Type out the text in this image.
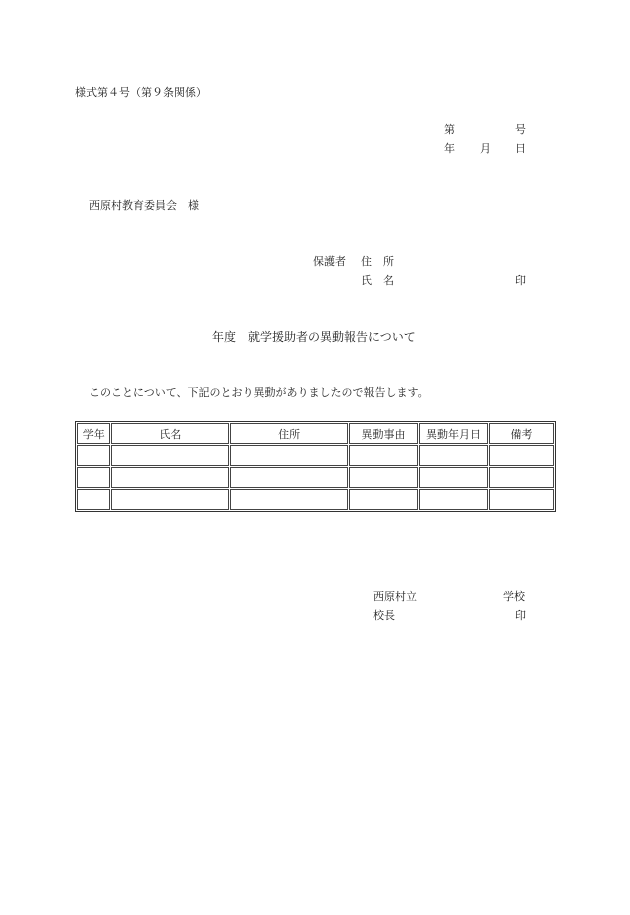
様式第４号（第９条関係）
第	号
年 月 日
西原村教育委員会　様
保護者 住　所
氏　名	印
年度　就学援助者の異動報告について
このことについて、下記のとおり異動がありましたので報告します。
学年	氏名	住所	異動事由	異動年月日	備考

西原村立	学校
校長	印
